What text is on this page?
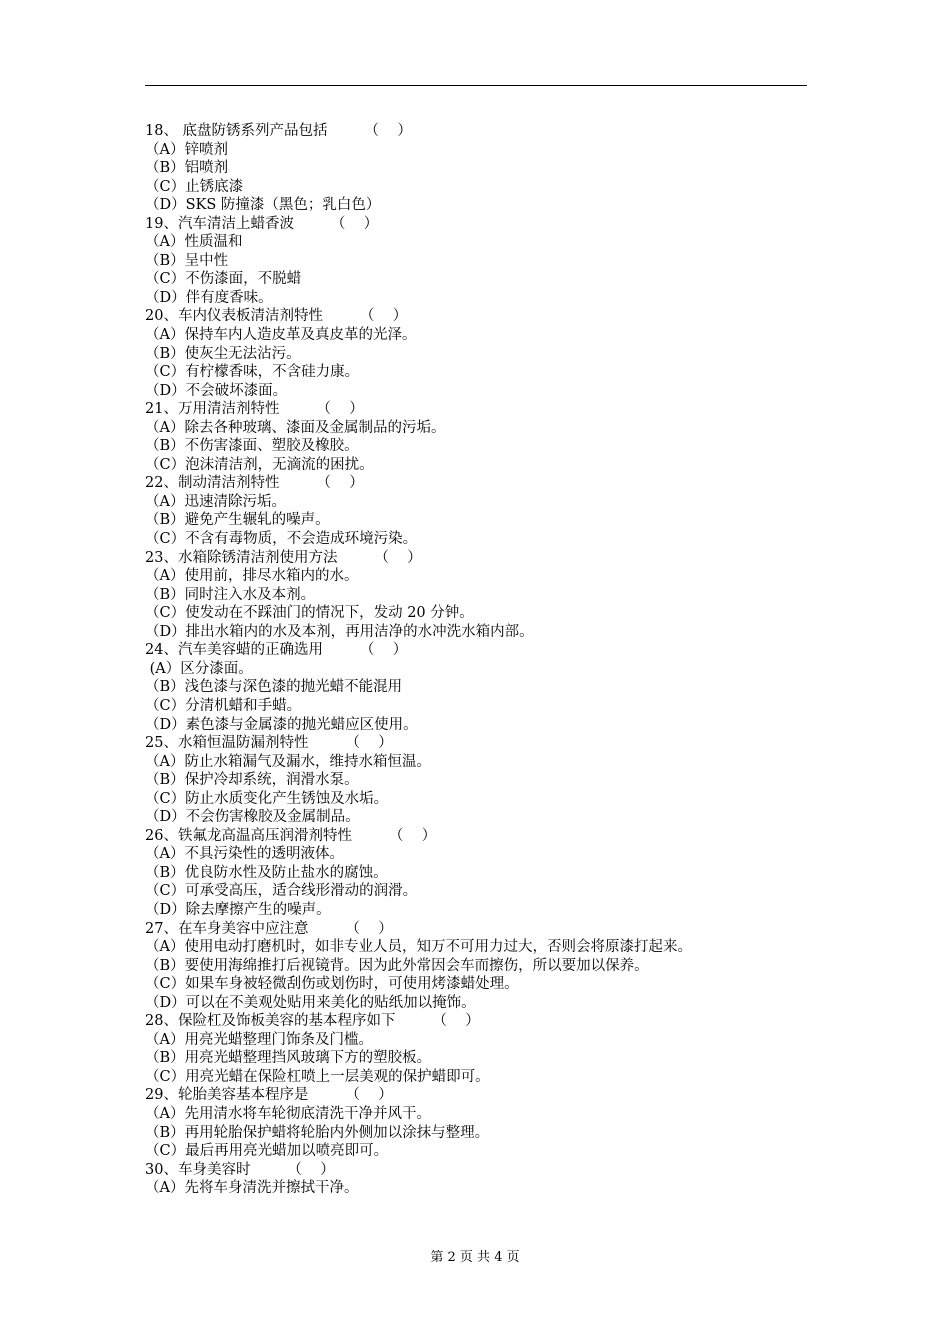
18、 底盘防锈系列产品包括        （    ）
（A）锌喷剂
（B）铝喷剂
（C）止锈底漆
（D）SKS 防撞漆（黑色；乳白色）
19、汽车清洁上蜡香波        （    ）
（A）性质温和
（B）呈中性
（C）不伤漆面，不脱蜡
（D）伴有度香味。
20、车内仪表板清洁剂特性        （    ）
（A）保持车内人造皮革及真皮革的光泽。
（B）使灰尘无法沾污。
（C）有柠檬香味，不含硅力康。
（D）不会破坏漆面。
21、万用清洁剂特性        （    ）
（A）除去各种玻璃、漆面及金属制品的污垢。
（B）不伤害漆面、塑胶及橡胶。
（C）泡沫清洁剂，无滴流的困扰。
22、制动清洁剂特性        （    ）
（A）迅速清除污垢。
（B）避免产生辗轧的噪声。
（C）不含有毒物质，不会造成环境污染。
23、水箱除锈清洁剂使用方法        （    ）
（A）使用前，排尽水箱内的水。
（B）同时注入水及本剂。
（C）使发动在不踩油门的情况下，发动 20 分钟。
（D）排出水箱内的水及本剂，再用洁净的水冲洗水箱内部。
24、汽车美容蜡的正确选用        （    ）
(A）区分漆面。
（B）浅色漆与深色漆的抛光蜡不能混用
（C）分清机蜡和手蜡。
（D）素色漆与金属漆的抛光蜡应区使用。
25、水箱恒温防漏剂特性        （    ）
（A）防止水箱漏气及漏水，维持水箱恒温。
（B）保护冷却系统，润滑水泵。
（C）防止水质变化产生锈蚀及水垢。
（D）不会伤害橡胶及金属制品。
26、铁氟龙高温高压润滑剂特性        （    ）
（A）不具污染性的透明液体。
（B）优良防水性及防止盐水的腐蚀。
（C）可承受高压，适合线形滑动的润滑。
（D）除去摩擦产生的噪声。
27、在车身美容中应注意        （    ）
（A）使用电动打磨机时，如非专业人员，知万不可用力过大，否则会将原漆打起来。
（B）要使用海绵推打后视镜背。因为此外常因会车而擦伤，所以要加以保养。
（C）如果车身被轻微刮伤或划伤时，可使用烤漆蜡处理。
（D）可以在不美观处贴用来美化的贴纸加以掩饰。
28、保险杠及饰板美容的基本程序如下        （    ）
（A）用亮光蜡整理门饰条及门槛。
（B）用亮光蜡整理挡风玻璃下方的塑胶板。
（C）用亮光蜡在保险杠喷上一层美观的保护蜡即可。
29、轮胎美容基本程序是        （    ）
（A）先用清水将车轮彻底清洗干净并风干。
（B）再用轮胎保护蜡将轮胎内外侧加以涂抹与整理。
（C）最后再用亮光蜡加以喷亮即可。
30、车身美容时        （    ）
（A）先将车身清洗并擦拭干净。
第 2 页 共 4 页
